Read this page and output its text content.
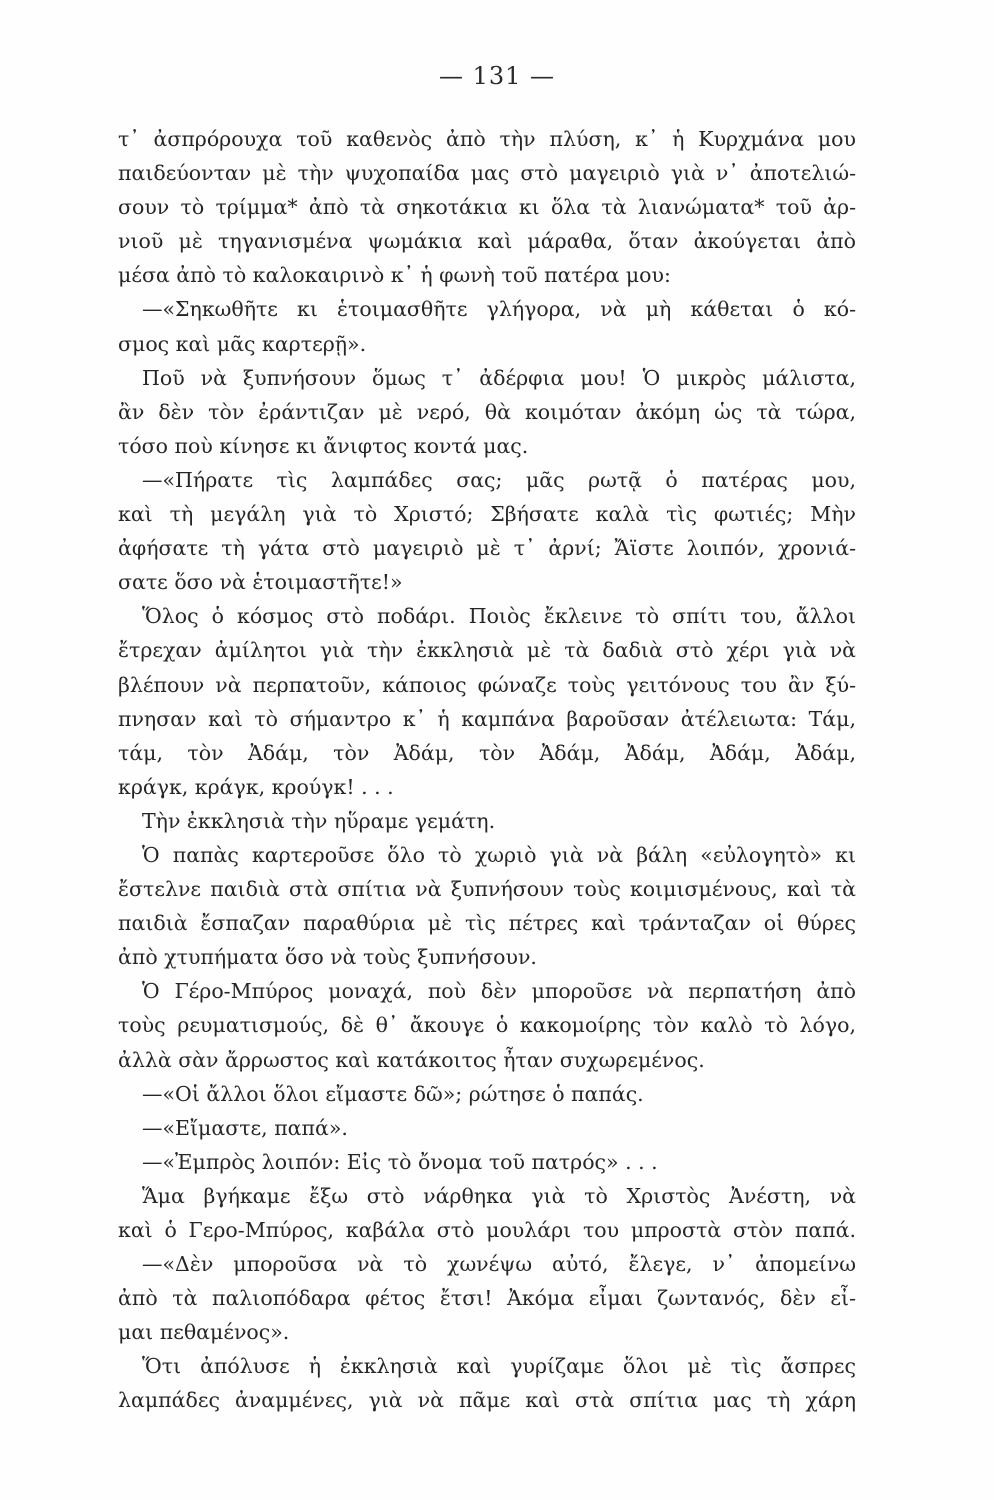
— 131 —
τ᾿ ἀσπρόρουχα τοῦ καθενὸς ἀπὸ τὴν πλύση, κ᾿ ἡ Κυρχμάνα μου
παιδεύονταν μὲ τὴν ψυχοπαίδα μας στὸ μαγειριὸ γιὰ ν᾿ ἀποτελιώ-
σουν τὸ τρίμμα* ἀπὸ τὰ σηκοτάκια κι ὅλα τὰ λιανώματα* τοῦ ἀρ-
νιοῦ μὲ τηγανισμένα ψωμάκια καὶ μάραθα, ὅταν ἀκούγεται ἀπὸ
μέσα ἀπὸ τὸ καλοκαιρινὸ κ᾿ ἡ φωνὴ τοῦ πατέρα μου:
—«Σηκωθῆτε κι ἑτοιμασθῆτε γλήγορα, νὰ μὴ κάθεται ὁ κό-
σμος καὶ μᾶς καρτερῇ».
Ποῦ νὰ ξυπνήσουν ὅμως τ᾿ ἀδέρφια μου! Ὁ μικρὸς μάλιστα,
ἂν δὲν τὸν ἐράντιζαν μὲ νερό, θὰ κοιμόταν ἀκόμη ὡς τὰ τώρα,
τόσο ποὺ κίνησε κι ἄνιφτος κοντά μας.
—«Πήρατε τὶς λαμπάδες σας; μᾶς ρωτᾷ ὁ πατέρας μου,
καὶ τὴ μεγάλη γιὰ τὸ Χριστό; Σβήσατε καλὰ τὶς φωτιές; Μὴν
ἀφήσατε τὴ γάτα στὸ μαγειριὸ μὲ τ᾿ ἀρνί; Ἄϊστε λοιπόν, χρονιά-
σατε ὅσο νὰ ἑτοιμαστῆτε!»
Ὅλος ὁ κόσμος στὸ ποδάρι. Ποιὸς ἔκλεινε τὸ σπίτι του, ἄλλοι
ἔτρεχαν ἀμίλητοι γιὰ τὴν ἐκκλησιὰ μὲ τὰ δαδιὰ στὸ χέρι γιὰ νὰ
βλέπουν νὰ περπατοῦν, κάποιος φώναζε τοὺς γειτόνους του ἂν ξύ-
πνησαν καὶ τὸ σήμαντρο κ᾿ ἡ καμπάνα βαροῦσαν ἀτέλειωτα: Τάμ,
τάμ, τὸν Ἀδάμ, τὸν Ἀδάμ, τὸν Ἀδάμ, Ἀδάμ, Ἀδάμ, Ἀδάμ,
κράγκ, κράγκ, κρούγκ! . . .
Τὴν ἐκκλησιὰ τὴν ηὕραμε γεμάτη.
Ὁ παπὰς καρτεροῦσε ὅλο τὸ χωριὸ γιὰ νὰ βάλη «εὐλογητὸ» κι
ἔστελνε παιδιὰ στὰ σπίτια νὰ ξυπνήσουν τοὺς κοιμισμένους, καὶ τὰ
παιδιὰ ἔσπαζαν παραθύρια μὲ τὶς πέτρες καὶ τράνταζαν οἱ θύρες
ἀπὸ χτυπήματα ὅσο νὰ τοὺς ξυπνήσουν.
Ὁ Γέρο-Μπύρος μοναχά, ποὺ δὲν μποροῦσε νὰ περπατήση ἀπὸ
τοὺς ρευματισμούς, δὲ θ᾿ ἄκουγε ὁ κακομοίρης τὸν καλὸ τὸ λόγο,
ἀλλὰ σὰν ἄρρωστος καὶ κατάκοιτος ἦταν συχωρεμένος.
—«Οἱ ἄλλοι ὅλοι εἴμαστε δῶ»; ρώτησε ὁ παπάς.
—«Εἴμαστε, παπά».
—«Ἐμπρὸς λοιπόν: Εἰς τὸ ὄνομα τοῦ πατρός» . . .
Ἅμα βγήκαμε ἔξω στὸ νάρθηκα γιὰ τὸ Χριστὸς Ἀνέστη, νὰ
καὶ ὁ Γερο-Μπύρος, καβάλα στὸ μουλάρι του μπροστὰ στὸν παπά.
—«Δὲν μποροῦσα νὰ τὸ χωνέψω αὐτό, ἔλεγε, ν᾿ ἀπομείνω
ἀπὸ τὰ παλιοπόδαρα φέτος ἔτσι! Ἀκόμα εἶμαι ζωντανός, δὲν εἶ-
μαι πεθαμένος».
Ὅτι ἀπόλυσε ἡ ἐκκλησιὰ καὶ γυρίζαμε ὅλοι μὲ τὶς ἄσπρες
λαμπάδες ἀναμμένες, γιὰ νὰ πᾶμε καὶ στὰ σπίτια μας τὴ χάρη
